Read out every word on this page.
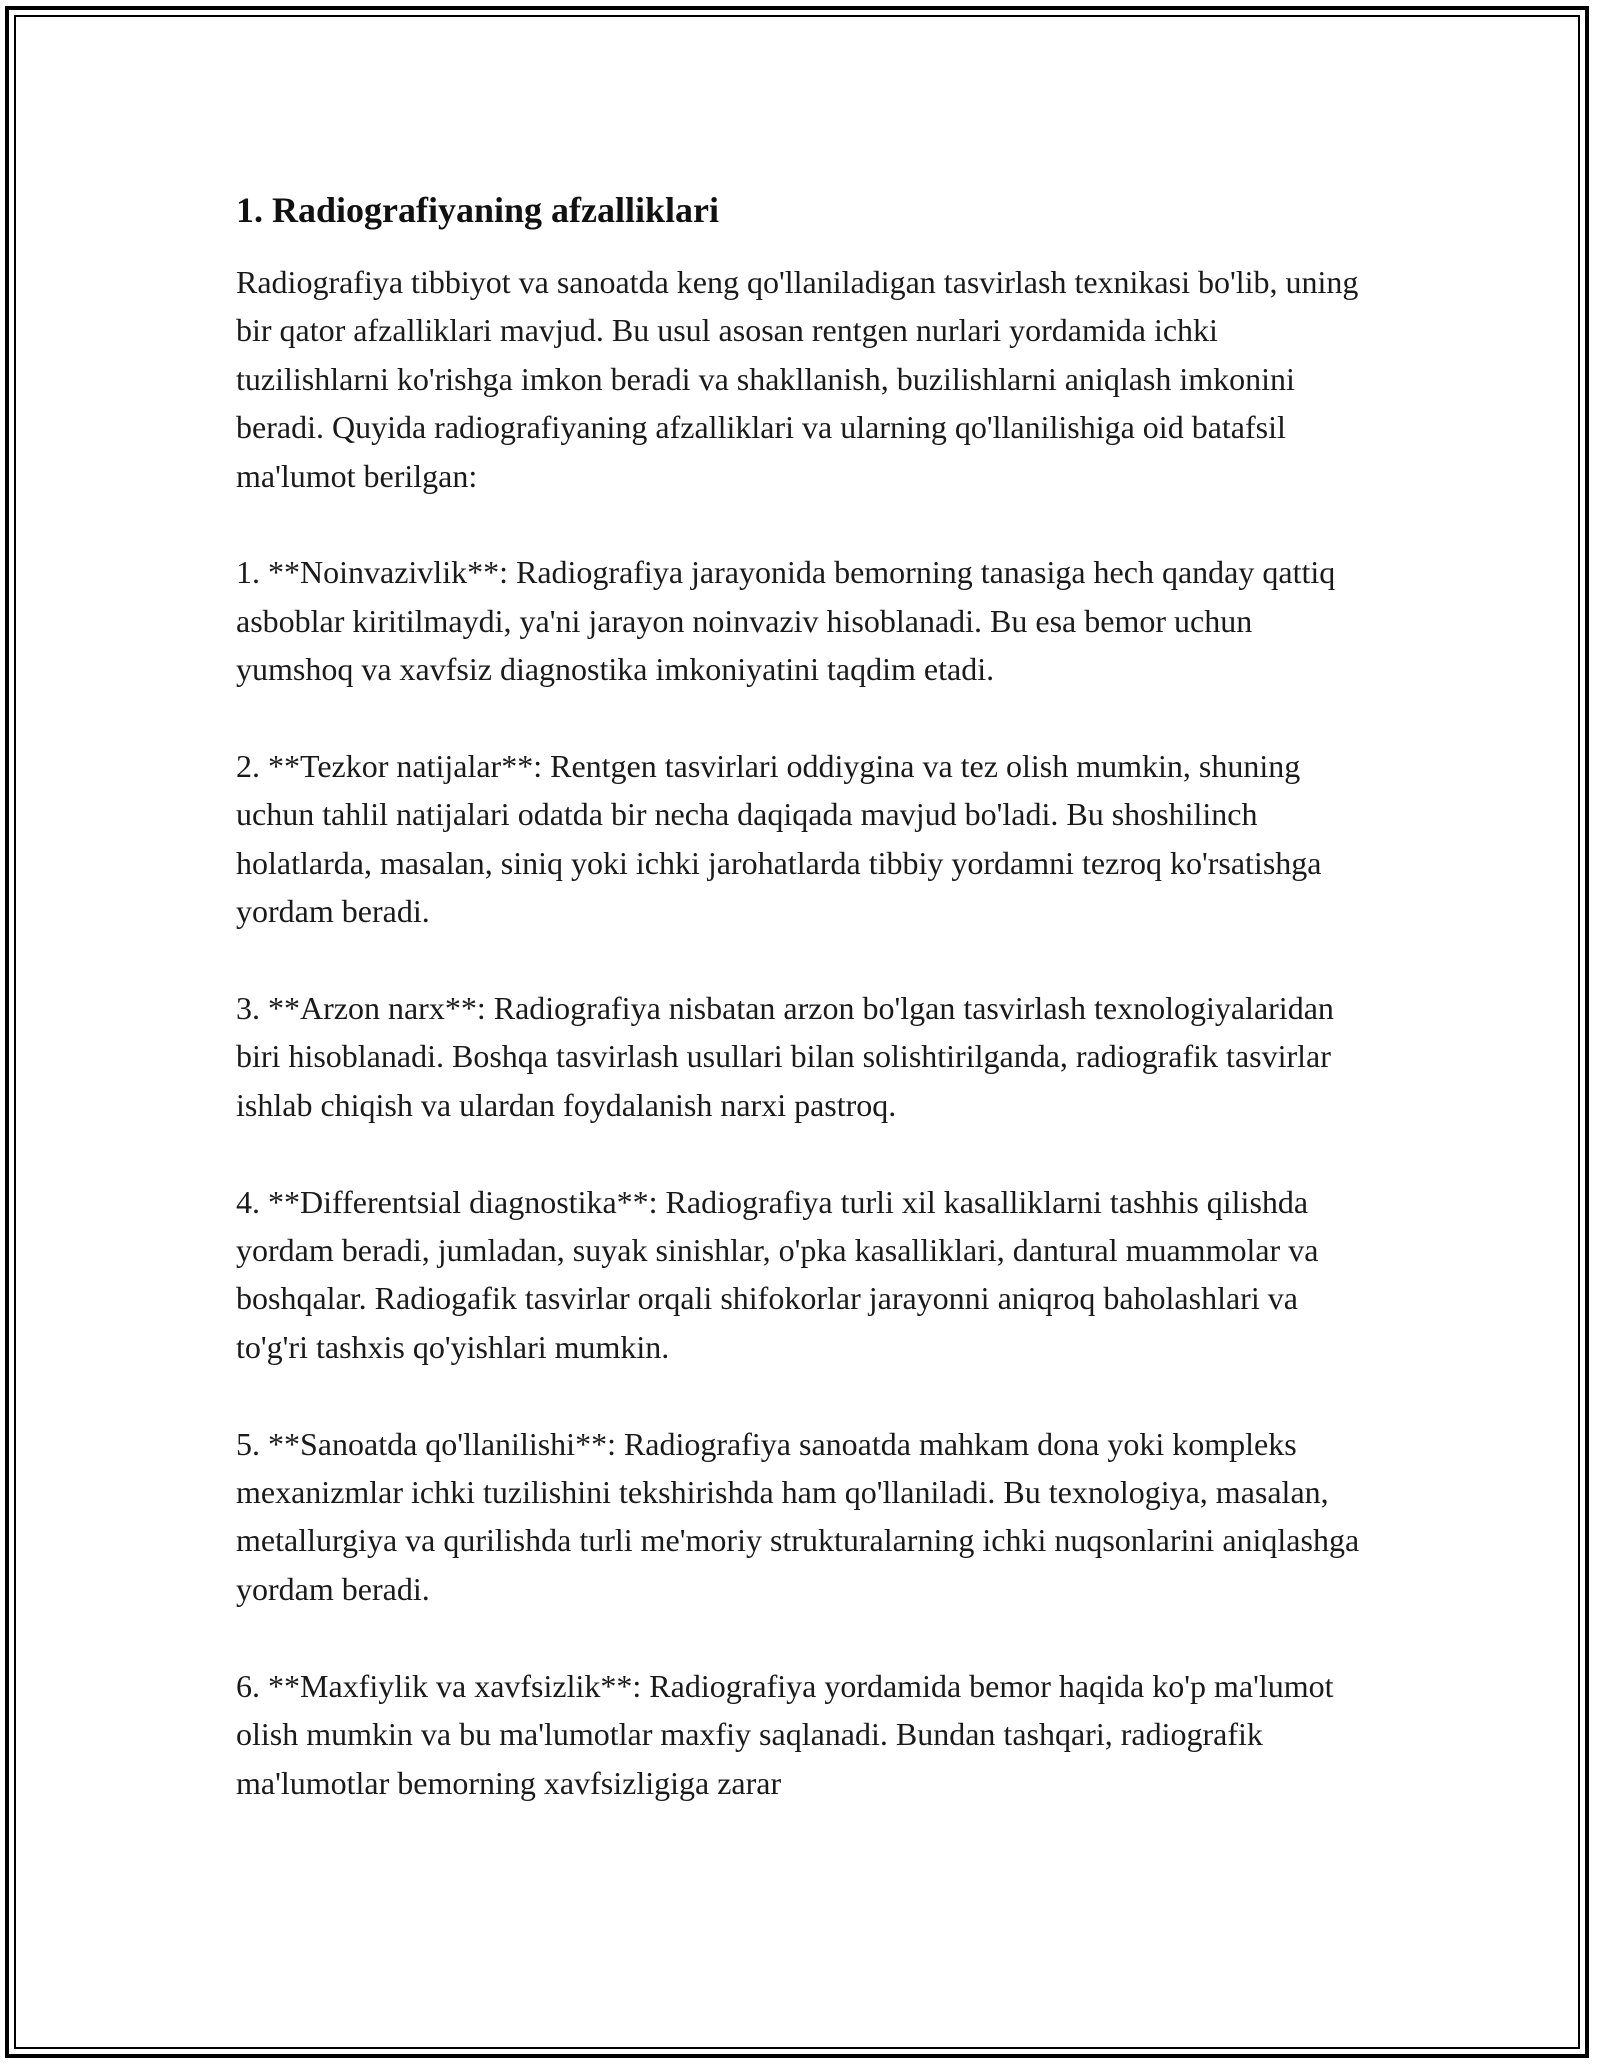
1. Radiografiyaning afzalliklari

Radiografiya tibbiyot va sanoatda keng qo'llaniladigan tasvirlash texnikasi bo'lib, uning bir qator afzalliklari mavjud. Bu usul asosan rentgen nurlari yordamida ichki tuzilishlarni ko'rishga imkon beradi va shakllanish, buzilishlarni aniqlash imkonini beradi. Quyida radiografiyaning afzalliklari va ularning qo'llanilishiga oid batafsil ma'lumot berilgan:

1. **Noinvazivlik**: Radiografiya jarayonida bemorning tanasiga hech qanday qattiq asboblar kiritilmaydi, ya'ni jarayon noinvaziv hisoblanadi. Bu esa bemor uchun yumshoq va xavfsiz diagnostika imkoniyatini taqdim etadi.

2. **Tezkor natijalar**: Rentgen tasvirlari oddiygina va tez olish mumkin, shuning uchun tahlil natijalari odatda bir necha daqiqada mavjud bo'ladi. Bu shoshilinch holatlarda, masalan, siniq yoki ichki jarohatlarda tibbiy yordamni tezroq ko'rsatishga yordam beradi.

3. **Arzon narx**: Radiografiya nisbatan arzon bo'lgan tasvirlash texnologiyalaridan biri hisoblanadi. Boshqa tasvirlash usullari bilan solishtirilganda, radiografik tasvirlar ishlab chiqish va ulardan foydalanish narxi pastroq.

4. **Differentsial diagnostika**: Radiografiya turli xil kasalliklarni tashhis qilishda yordam beradi, jumladan, suyak sinishlar, o'pka kasalliklari, dantural muammolar va boshqalar. Radiogafik tasvirlar orqali shifokorlar jarayonni aniqroq baholashlari va to'g'ri tashxis qo'yishlari mumkin.

5. **Sanoatda qo'llanilishi**: Radiografiya sanoatda mahkam dona yoki kompleks mexanizmlar ichki tuzilishini tekshirishda ham qo'llaniladi. Bu texnologiya, masalan, metallurgiya va qurilishda turli me'moriy strukturalarning ichki nuqsonlarini aniqlashga yordam beradi.

6. **Maxfiylik va xavfsizlik**: Radiografiya yordamida bemor haqida ko'p ma'lumot olish mumkin va bu ma'lumotlar maxfiy saqlanadi. Bundan tashqari, radiografik ma'lumotlar bemorning xavfsizligiga zarar
